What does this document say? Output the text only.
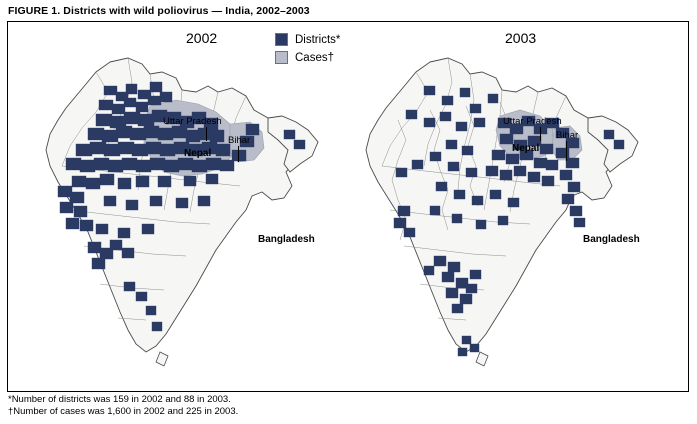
FIGURE 1. Districts with wild poliovirus — India, 2002–2003
2002	2003
Districts*
Cases†
Uttar Pradesh
Bihar
Nepal
Bangladesh
Uttar Pradesh
Bihar
Nepal
Bangladesh
*Number of districts was 159 in 2002 and 88 in 2003.
†Number of cases was 1,600 in 2002 and 225 in 2003.
